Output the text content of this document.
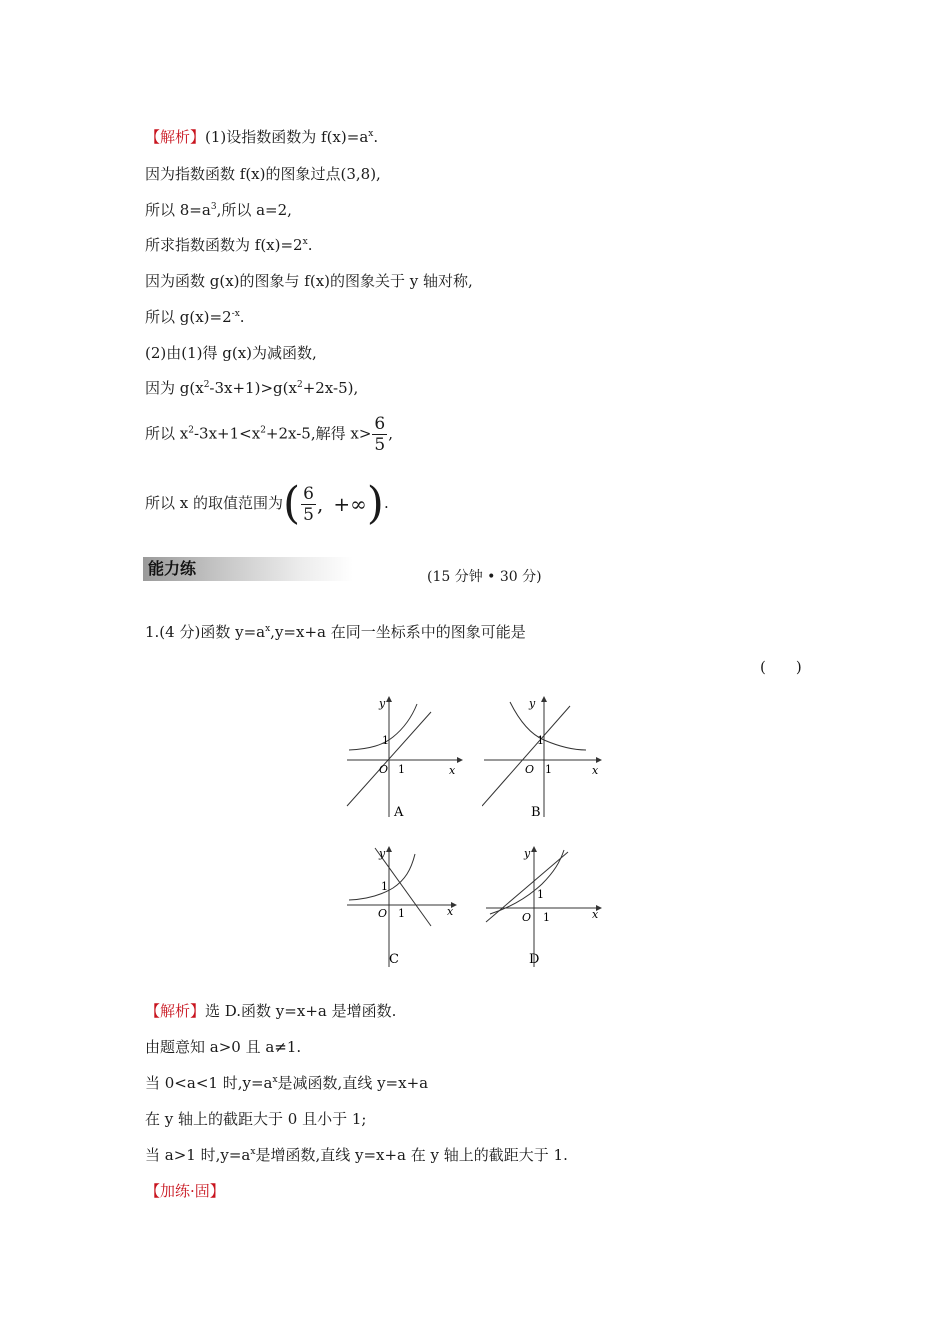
【解析】(1)设指数函数为 $f(x)=a^x$.
因为指数函数 f(x)的图象过点(3,8),
所以 $8=a^3$,所以 a=2,
所求指数函数为 $f(x)=2^x$.
因为函数 g(x)的图象与 f(x)的图象关于 y 轴对称,
所以 $g(x)=2^{-x}$.
(2)由(1)得 g(x)为减函数,
因为 $g(x^2-3x+1)>g(x^2+2x-5)$,
所以 $x^2-3x+1<x^2+2x-5$,解得 $x> \frac{6}{5}$ ,
所以 x 的取值范围为( $\frac{6}{5}$ , +∞).
能力练	(15 分钟 • 30 分)
1.(4 分)函数 $y=a^x,y=x+a$ 在同一坐标系中的图象可能是
(　　)
y
x
O 1
1
A
y
x
O 1
1
B
y
x
O 1
1
C
y
x
O 1
1
D
【解析】选 D.函数 y=x+a 是增函数.
由题意知 a>0 且 a≠1.
当 0<a<1 时$,y=a^x$是减函数,直线 y=x+a
在 y 轴上的截距大于 0 且小于 1;
当 a>1 时$,y=a^x$是增函数,直线 y=x+a 在 y 轴上的截距大于 1.
【加练·固】
